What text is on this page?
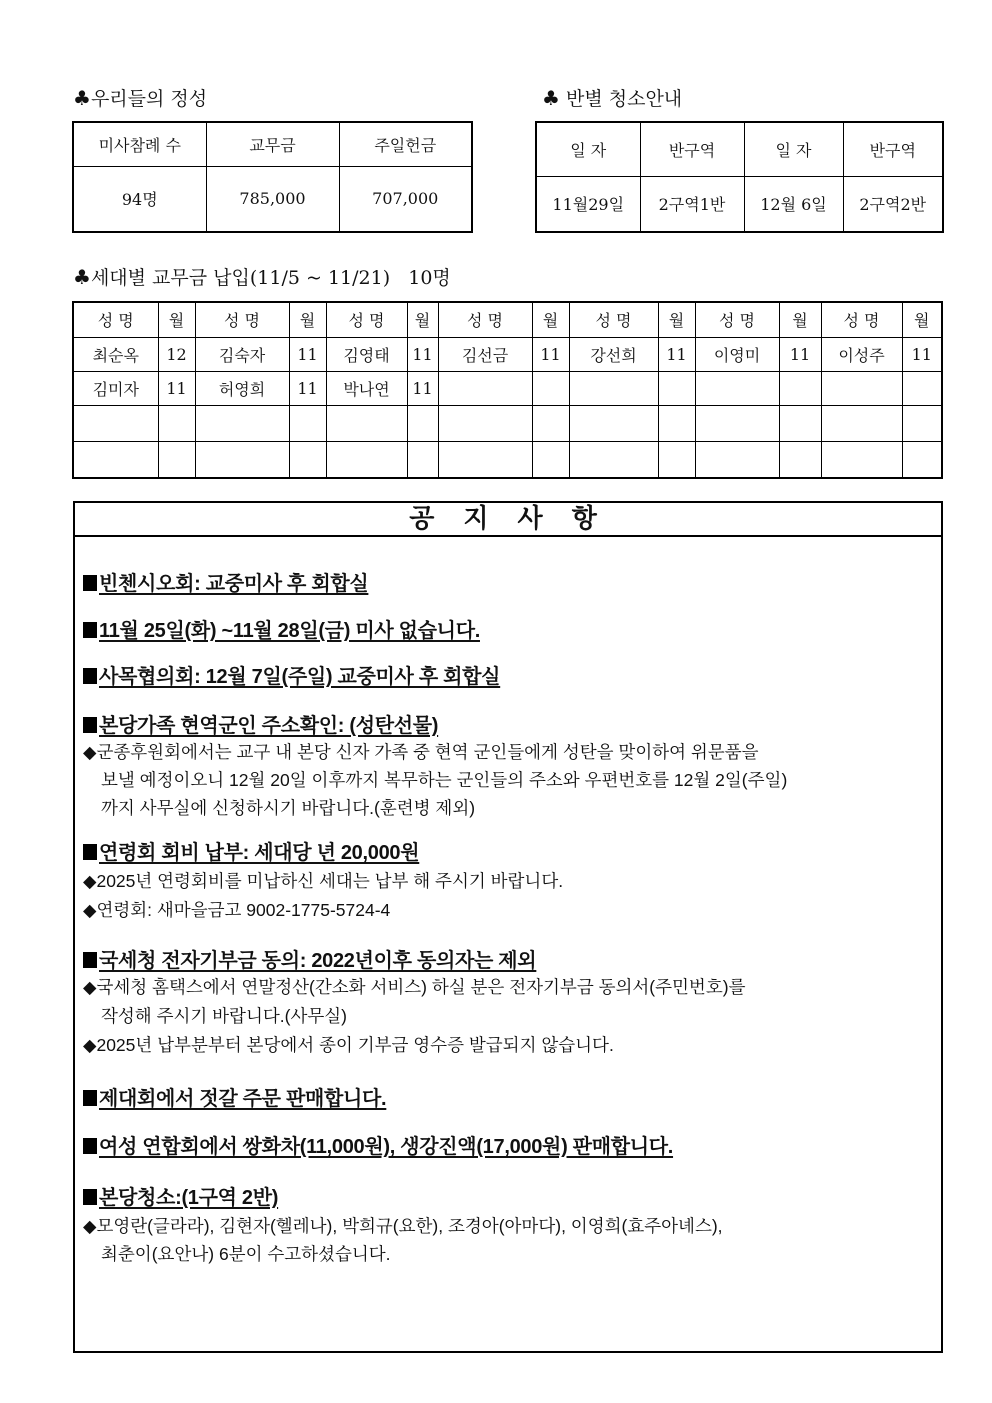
♣우리들의 정성
미사참례 수	교무금	주일헌금
94명	785,000	707,000
♣ 반별 청소안내
일 자	반구역	일 자	반구역
11월29일	2구역1반	12월 6일	2구역2반
♣세대별 교무금 납입(11/5 ~ 11/21) 10명
성 명	월	성 명	월	성 명	월	성 명	월	성 명	월	성 명	월	성 명	월
최순옥	12	김숙자	11	김영태	11	김선금	11	강선희	11	이영미	11	이성주	11
김미자	11	허영희	11	박나연	11								

공 지 사 항
빈첸시오회: 교중미사 후 회합실
11월 25일(화) ~11월 28일(금) 미사 없습니다.
사목협의회: 12월 7일(주일) 교중미사 후 회합실
본당가족 현역군인 주소확인: (성탄선물)
◆군종후원회에서는 교구 내 본당 신자 가족 중 현역 군인들에게 성탄을 맞이하여 위문품을
보낼 예정이오니 12월 20일 이후까지 복무하는 군인들의 주소와 우편번호를 12월 2일(주일)
까지 사무실에 신청하시기 바랍니다.(훈련병 제외)
연령회 회비 납부: 세대당 년 20,000원
◆2025년 연령회비를 미납하신 세대는 납부 해 주시기 바랍니다.
◆연령회: 새마을금고 9002-1775-5724-4
국세청 전자기부금 동의: 2022년이후 동의자는 제외
◆국세청 홈택스에서 연말정산(간소화 서비스) 하실 분은 전자기부금 동의서(주민번호)를
작성해 주시기 바랍니다.(사무실)
◆2025년 납부분부터 본당에서 종이 기부금 영수증 발급되지 않습니다.
제대회에서 젓갈 주문 판매합니다.
여성 연합회에서 쌍화차(11,000원), 생강진액(17,000원) 판매합니다.
본당청소:(1구역 2반)
◆모영란(글라라), 김현자(헬레나), 박희규(요한), 조경아(아마다), 이영희(효주아녜스),
최춘이(요안나) 6분이 수고하셨습니다.
